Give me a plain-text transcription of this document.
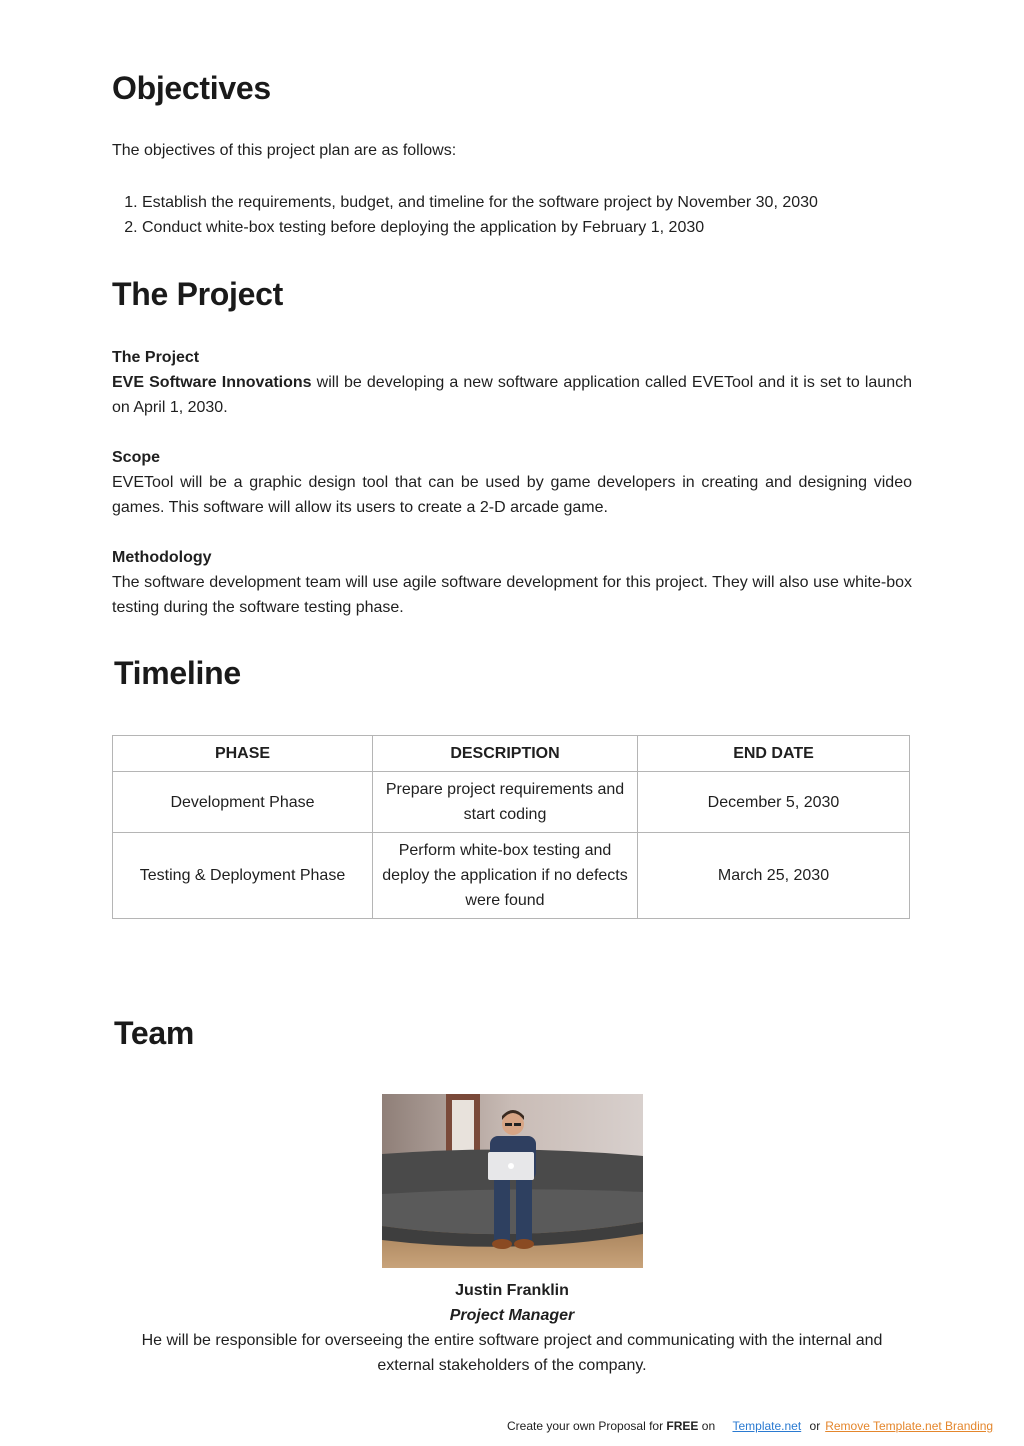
Objectives

The objectives of this project plan are as follows:

1. Establish the requirements, budget, and timeline for the software project by November 30, 2030
2. Conduct white-box testing before deploying the application by February 1, 2030
The Project
The Project
EVE Software Innovations will be developing a new software application called EVETool and it is set to launch on April 1, 2030.
Scope
EVETool will be a graphic design tool that can be used by game developers in creating and designing video games. This software will allow its users to create a 2-D arcade game.
Methodology
The software development team will use agile software development for this project. They will also use white-box testing during the software testing phase.
Timeline
PHASE	DESCRIPTION	END DATE
Development Phase	Prepare project requirements and start coding	December 5, 2030
Testing & Deployment Phase	Perform white-box testing and deploy the application if no defects were found	March 25, 2030
Team
Justin Franklin
Project Manager
He will be responsible for overseeing the entire software project and communicating with the internal and external stakeholders of the company.
Create your own Proposal for FREE on Template.net or Remove Template.net Branding
